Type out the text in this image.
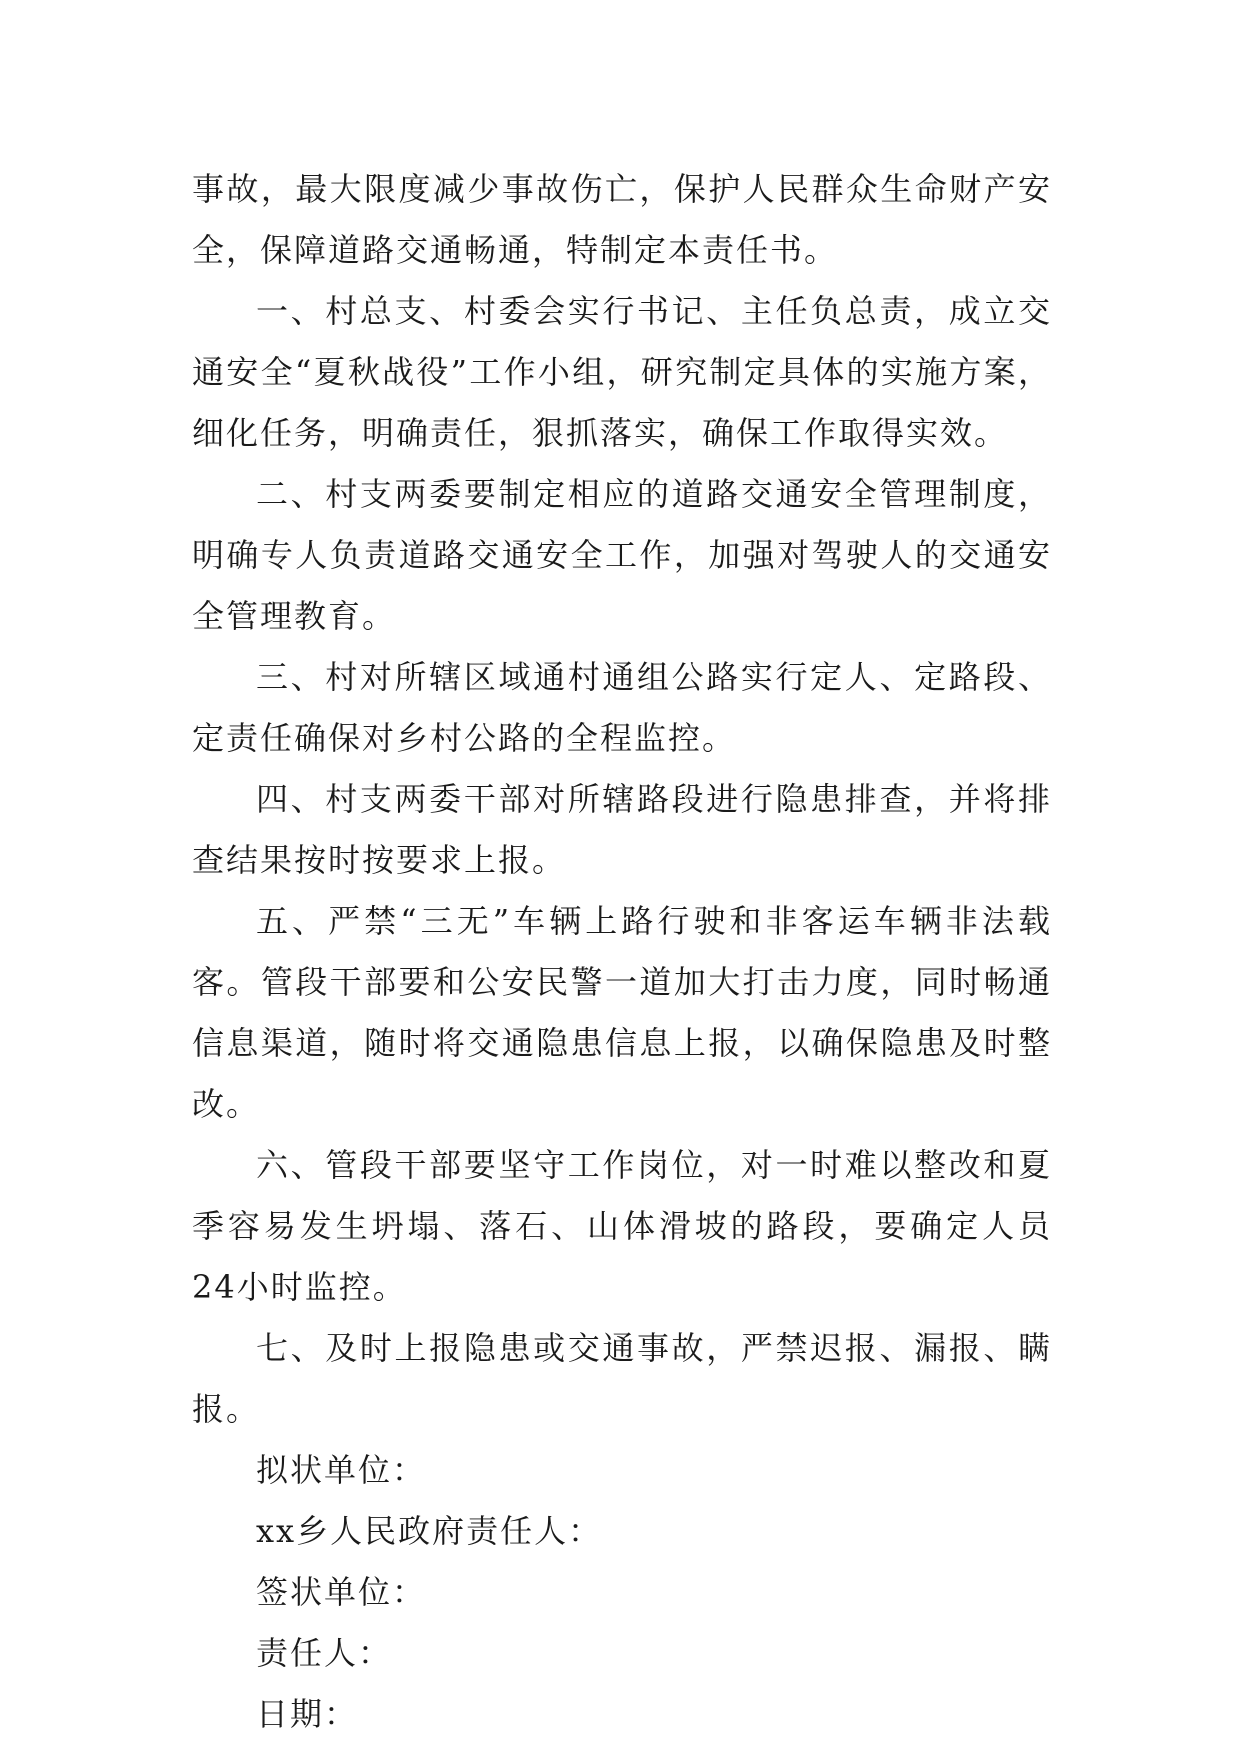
事故，最大限度减少事故伤亡，保护人民群众生命财产安全，保障道路交通畅通，特制定本责任书。

一、村总支、村委会实行书记、主任负总责，成立交通安全“夏秋战役”工作小组，研究制定具体的实施方案，细化任务，明确责任，狠抓落实，确保工作取得实效。

二、村支两委要制定相应的道路交通安全管理制度，明确专人负责道路交通安全工作，加强对驾驶人的交通安全管理教育。

三、村对所辖区域通村通组公路实行定人、定路段、定责任确保对乡村公路的全程监控。

四、村支两委干部对所辖路段进行隐患排查，并将排查结果按时按要求上报。

五、严禁“三无”车辆上路行驶和非客运车辆非法载客。管段干部要和公安民警一道加大打击力度，同时畅通信息渠道，随时将交通隐患信息上报，以确保隐患及时整改。

六、管段干部要坚守工作岗位，对一时难以整改和夏季容易发生坍塌、落石、山体滑坡的路段，要确定人员24小时监控。

七、及时上报隐患或交通事故，严禁迟报、漏报、瞒报。

拟状单位：

xx乡人民政府责任人：

签状单位：

责任人：

日期：
